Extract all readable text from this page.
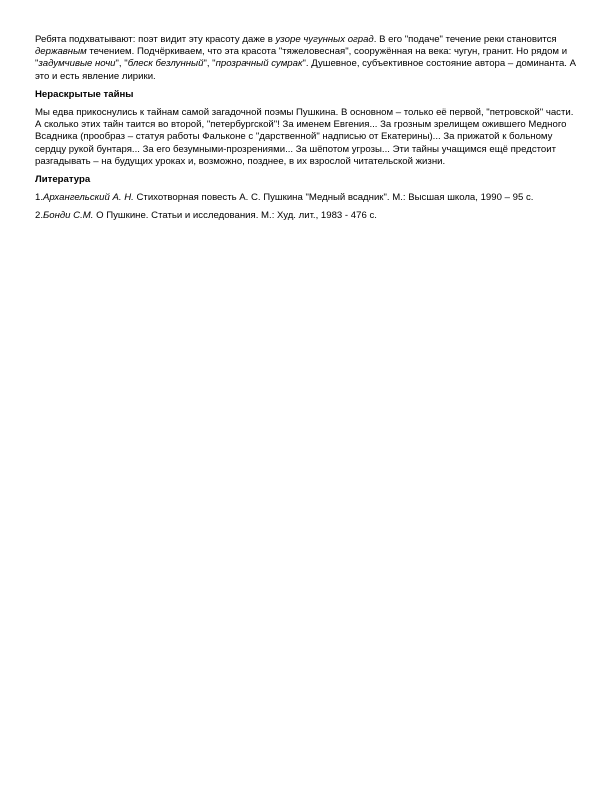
Ребята подхватывают: поэт видит эту красоту даже в узоре чугунных оград. В его "подаче" течение реки становится державным течением. Подчёркиваем, что эта красота "тяжеловесная", сооружённая на века: чугун, гранит. Но рядом и "задумчивые ночи", "блеск безлунный", "прозрачный сумрак". Душевное, субъективное состояние автора – доминанта. А это и есть явление лирики.

Нераскрытые тайны

Мы едва прикоснулись к тайнам самой загадочной поэмы Пушкина. В основном – только её первой, "петровской" части. А сколько этих тайн таится во второй, "петербургской"! За именем Евгения... За грозным зрелищем ожившего Медного Всадника (прообраз – статуя работы Фальконе с "дарственной" надписью от Екатерины)... За прижатой к больному сердцу рукой бунтаря... За его безумными-прозрениями... За шёпотом угрозы... Эти тайны учащимся ещё предстоит разгадывать – на будущих уроках и, возможно, позднее, в их взрослой читательской жизни.

Литература

1.Архангельский А. Н. Стихотворная повесть А. С. Пушкина "Медный всадник". М.: Высшая школа, 1990 – 95 с.

2.Бонди С.М. О Пушкине. Статьи и исследования. М.: Худ. лит., 1983 - 476 с.
